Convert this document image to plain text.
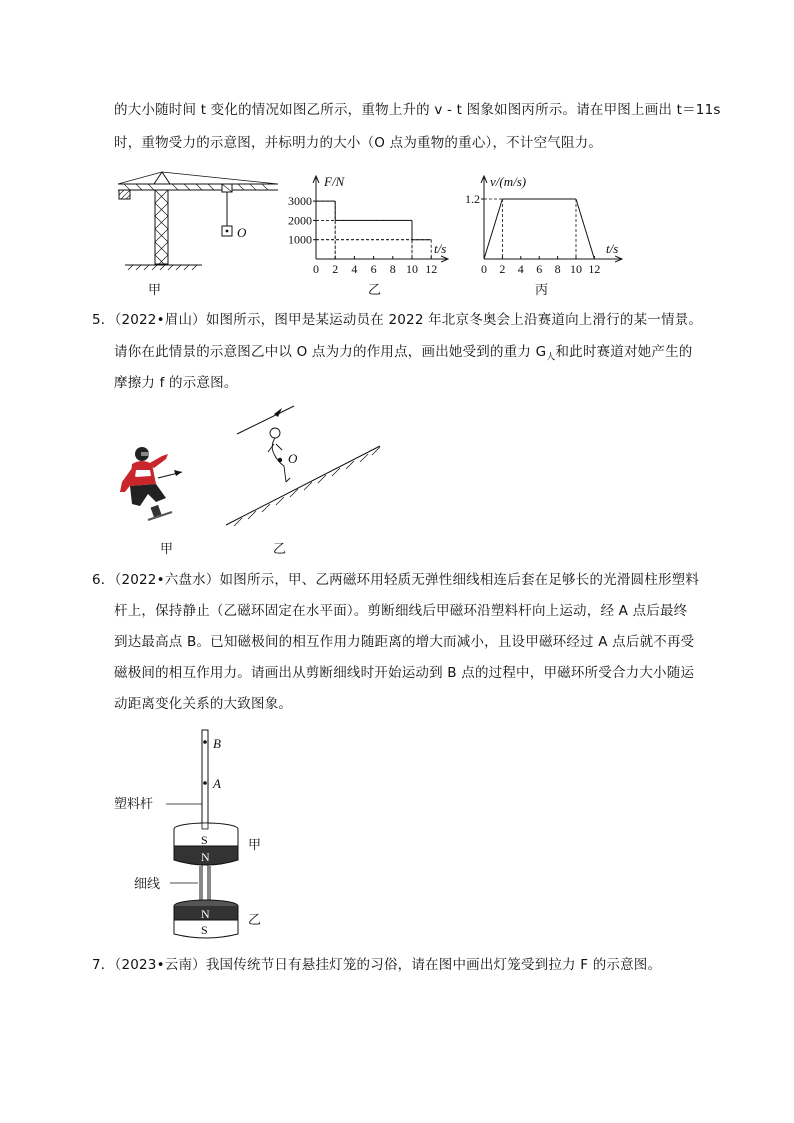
的大小随时间 t 变化的情况如图乙所示，重物上升的 v - t 图象如图丙所示。请在甲图上画出 t＝11s
时，重物受力的示意图，并标明力的大小（O 点为重物的重心），不计空气阻力。
O
甲
3000
2000
1000
0 2 4 6 8 10 12
F/N
t/s
乙
1.2
0 2 4 6 8 10 12
v/(m/s)
t/s
丙
5．（2022•眉山）如图所示，图甲是某运动员在 2022 年北京冬奥会上沿赛道向上滑行的某一情景。
请你在此情景的示意图乙中以 O 点为力的作用点，画出她受到的重力 $G_人$和此时赛道对她产生的
摩擦力 f 的示意图。
甲
O
乙
6．（2022•六盘水）如图所示，甲、乙两磁环用轻质无弹性细线相连后套在足够长的光滑圆柱形塑料
杆上，保持静止（乙磁环固定在水平面）。剪断细线后甲磁环沿塑料杆向上运动，经 A 点后最终
到达最高点 B。已知磁极间的相互作用力随距离的增大而减小，且设甲磁环经过 A 点后就不再受
磁极间的相互作用力。请画出从剪断细线时开始运动到 B 点的过程中，甲磁环所受合力大小随运
动距离变化关系的大致图象。
B
A
塑料杆
S
N
甲
细线
N
S
乙
7．（2023•云南）我国传统节日有悬挂灯笼的习俗，请在图中画出灯笼受到拉力 F 的示意图。
